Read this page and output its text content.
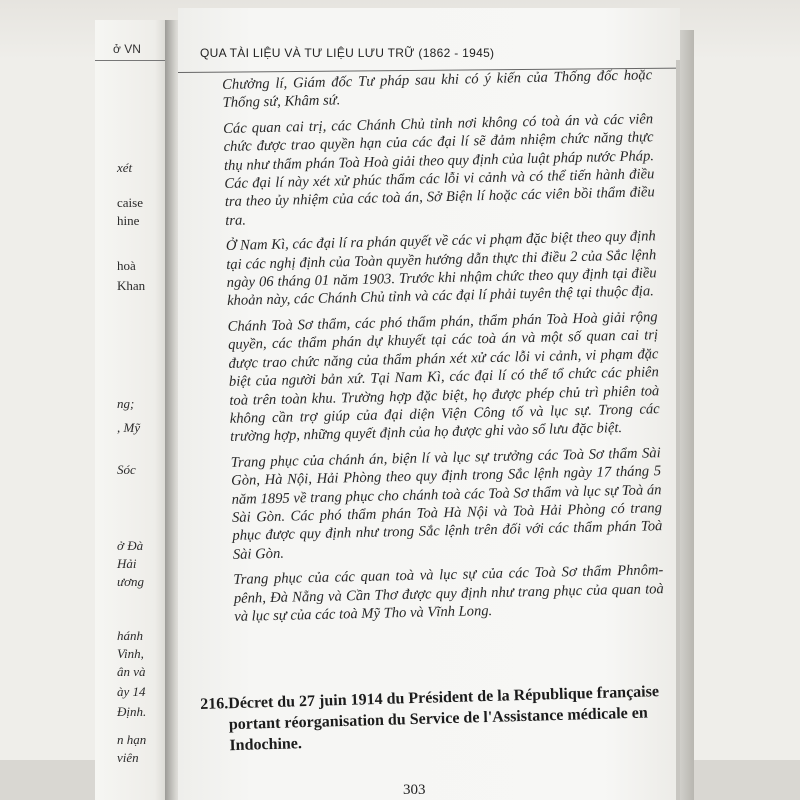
ở VN
xét
caise
hine
hoà
Khan
ng;
, Mỹ
Sóc
ở Đà
Hải
ương
hánh
Vinh,
ân và
ày 14
Định.
n hạn
viên
QUA TÀI LIỆU VÀ TƯ LIỆU LƯU TRỮ (1862 - 1945)

Chưởng lí, Giám đốc Tư pháp sau khi có ý kiến của Thống đốc hoặc Thống sứ, Khâm sứ.

Các quan cai trị, các Chánh Chủ tỉnh nơi không có toà án và các viên chức được trao quyền hạn của các đại lí sẽ đảm nhiệm chức năng thực thụ như thẩm phán Toà Hoà giải theo quy định của luật pháp nước Pháp. Các đại lí này xét xử phúc thẩm các lỗi vi cảnh và có thể tiến hành điều tra theo ủy nhiệm của các toà án, Sở Biện lí hoặc các viên bồi thẩm điều tra.

Ở Nam Kì, các đại lí ra phán quyết về các vi phạm đặc biệt theo quy định tại các nghị định của Toàn quyền hướng dẫn thực thi điều 2 của Sắc lệnh ngày 06 tháng 01 năm 1903. Trước khi nhậm chức theo quy định tại điều khoản này, các Chánh Chủ tỉnh và các đại lí phải tuyên thệ tại thuộc địa.

Chánh Toà Sơ thẩm, các phó thẩm phán, thẩm phán Toà Hoà giải rộng quyền, các thẩm phán dự khuyết tại các toà án và một số quan cai trị được trao chức năng của thẩm phán xét xử các lỗi vi cảnh, vi phạm đặc biệt của người bản xứ. Tại Nam Kì, các đại lí có thể tổ chức các phiên toà trên toàn khu. Trường hợp đặc biệt, họ được phép chủ trì phiên toà không cần trợ giúp của đại diện Viện Công tố và lục sự. Trong các trường hợp, những quyết định của họ được ghi vào sổ lưu đặc biệt.

Trang phục của chánh án, biện lí và lục sự trưởng các Toà Sơ thẩm Sài Gòn, Hà Nội, Hải Phòng theo quy định trong Sắc lệnh ngày 17 tháng 5 năm 1895 về trang phục cho chánh toà các Toà Sơ thẩm và lục sự Toà án Sài Gòn. Các phó thẩm phán Toà Hà Nội và Toà Hải Phòng có trang phục được quy định như trong Sắc lệnh trên đối với các thẩm phán Toà Sài Gòn.

Trang phục của các quan toà và lục sự của các Toà Sơ thẩm Phnôm-pênh, Đà Nẵng và Cần Thơ được quy định như trang phục của quan toà và lục sự của các toà Mỹ Tho và Vĩnh Long.

216. Décret du 27 juin 1914 du Président de la République française portant réorganisation du Service de l'Assistance médicale en Indochine.
303
